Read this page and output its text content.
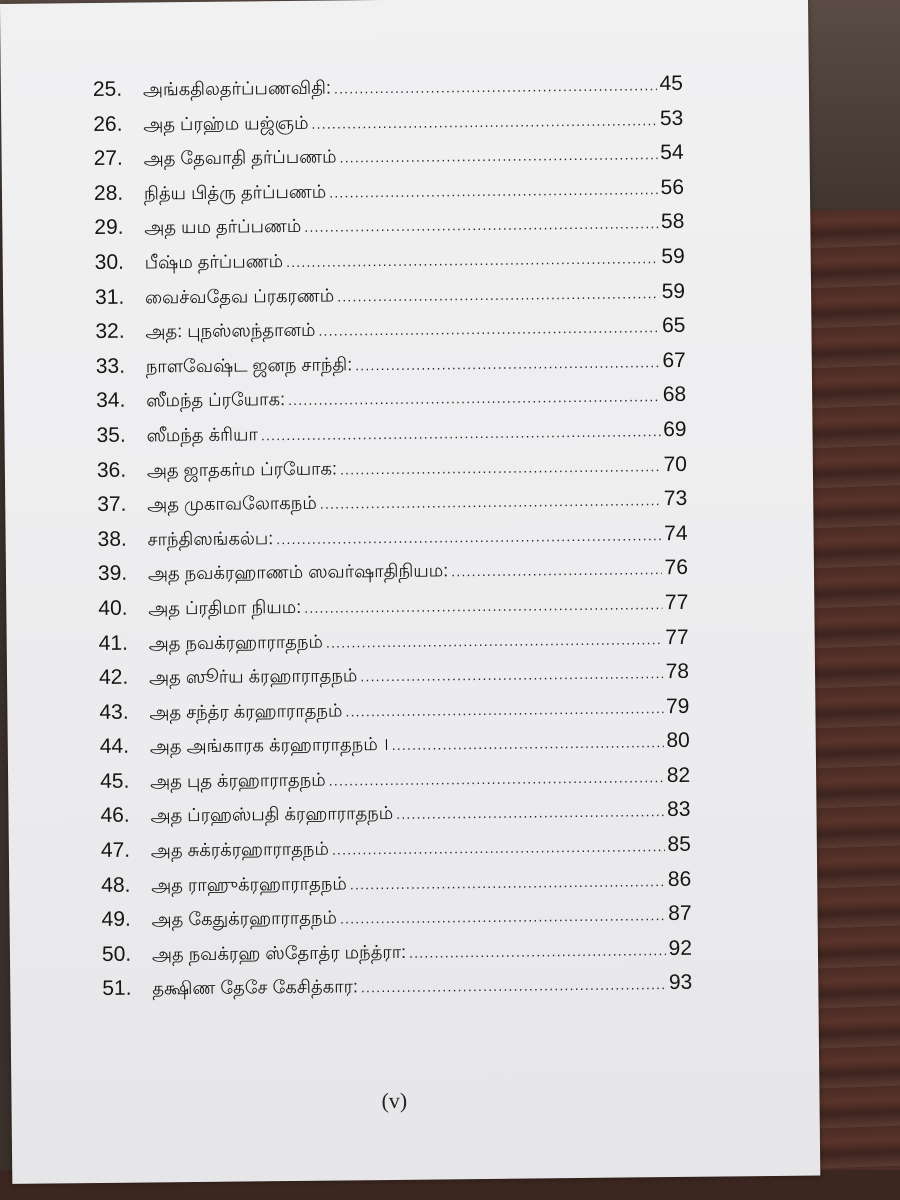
25.	அங்கதிலதர்ப்பணவிதி: .....	45
26.	அத ப்ரஹ்ம யஜ்ஞம் .....	53
27.	அத தேவாதி தர்ப்பணம் .....	54
28.	நித்ய பித்ரு தர்ப்பணம் .....	56
29.	அத யம தர்ப்பணம் .....	58
30.	பீஷ்ம தர்ப்பணம் .....	59
31.	வைச்வதேவ ப்ரகரணம் .....	59
32.	அத: புநஸ்ஸந்தானம் .....	65
33.	நாளவேஷ்ட ஜனந சாந்தி: .....	67
34.	ஸீமந்த ப்ரயோக: .....	68
35.	ஸீமந்த க்ரியா .....	69
36.	அத ஜாதகர்ம ப்ரயோக: .....	70
37.	அத முகாவலோகநம் .....	73
38.	சாந்திஸங்கல்ப: .....	74
39.	அத நவக்ரஹாணம் ஸவர்ஷாதிநியம: .....	76
40.	அத ப்ரதிமா நியம: .....	77
41.	அத நவக்ரஹாராதநம் .....	77
42.	அத ஸூர்ய க்ரஹாராதநம் .....	78
43.	அத சந்த்ர க்ரஹாராதநம் .....	79
44.	அத அங்காரக க்ரஹாராதநம் । .....	80
45.	அத புத க்ரஹாராதநம் .....	82
46.	அத ப்ரஹஸ்பதி க்ரஹாராதநம் .....	83
47.	அத சுக்ரக்ரஹாராதநம் .....	85
48.	அத ராஹுக்ரஹாராதநம் .....	86
49.	அத கேதுக்ரஹாராதநம் .....	87
50.	அத நவக்ரஹ ஸ்தோத்ர மந்த்ரா: .....	92
51.	தக்ஷிண தேசே கேசித்கார: .....	93
(v)
